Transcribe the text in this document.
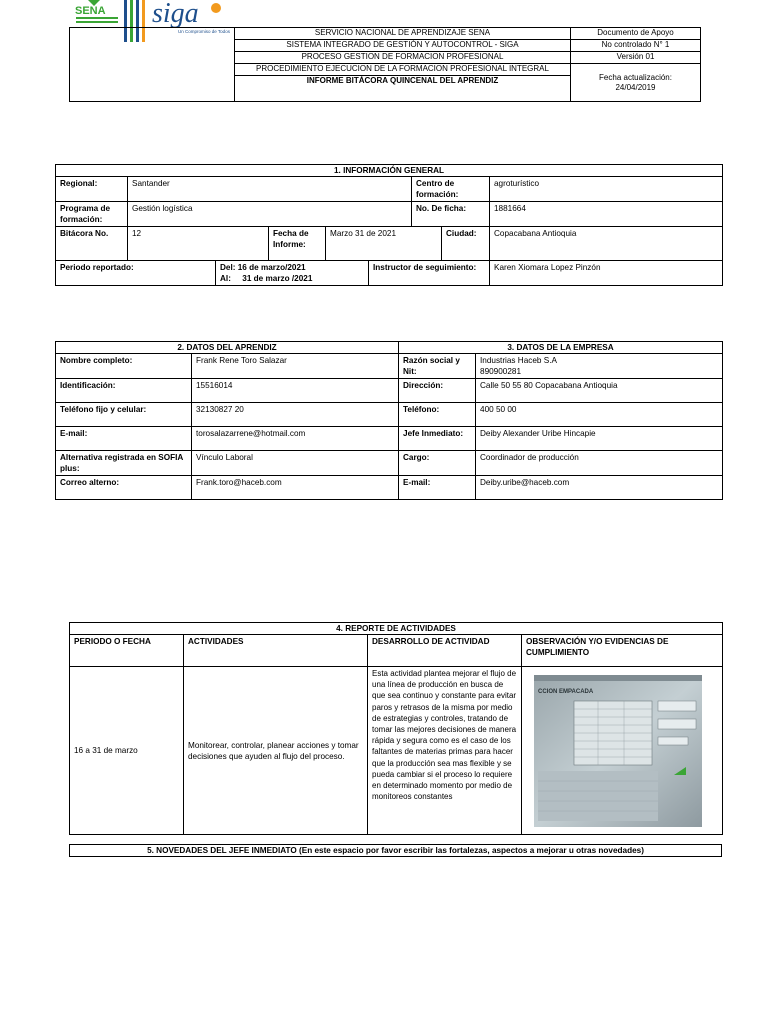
SENA siga
Un Compromiso de Todos
		SERVICIO NACIONAL DE APRENDIZAJE SENA	Documento de Apoyo
	SISTEMA INTEGRADO DE GESTIÓN Y AUTOCONTROL - SIGA	No controlado N° 1
	PROCESO GESTION DE FORMACION PROFESIONAL	Versión 01
	PROCEDIMIENTO EJECUCION DE LA FORMACION PROFESIONAL INTEGRAL	Fecha actualización:
24/04/2019

	INFORME BITÁCORA QUINCENAL DEL APRENDIZ	
1. INFORMACIÓN GENERAL								
Regional:	Santander					Centro de formación:		agroturístico
Programa de formación:	Gestión logística					No. De ficha:		1881664
Bitácora No.	12		Fecha de Informe:	Marzo 31 de 2021			Ciudad:	Copacabana Antioquia
Periodo reportado:		Del: 16 de marzo/2021
Al:     31 de marzo /2021			Instructor de seguimiento:			Karen Xiomara Lopez Pinzón
2. DATOS DEL APRENDIZ		3. DATOS DE LA EMPRESA	
Nombre completo:	Frank Rene Toro Salazar	Razón social y Nit:	Industrias Haceb S.A
890900281

Identificación:	15516014	Dirección:	Calle 50 55 80 Copacabana Antioquia
Teléfono fijo y celular:	32130827 20	Teléfono:	400 50 00
E-mail:	torosalazarrene@hotmail.com	Jefe Inmediato:	Deiby Alexander Uribe Hincapie
Alternativa registrada en SOFIA plus:	Vínculo Laboral	Cargo:	Coordinador de producción
Correo alterno:	Frank.toro@haceb.com	E-mail:	Deiby.uribe@haceb.com
4. REPORTE DE ACTIVIDADES			
PERIODO O FECHA	ACTIVIDADES	DESARROLLO DE ACTIVIDAD	OBSERVACIÓN Y/O EVIDENCIAS DE CUMPLIMIENTO
16 a 31 de marzo	Monitorear, controlar, planear acciones y tomar decisiones que ayuden al flujo del proceso.	Esta actividad plantea mejorar el flujo de una línea de producción en busca de que sea continuo y constante para evitar paros y retrasos de la misma por medio de estrategias y controles, tratando de tomar las mejores decisiones de manera rápida y segura como es el caso de los faltantes de materias primas para hacer que la producción sea mas flexible y se pueda cambiar si el proceso lo requiere en determinado momento por medio de monitoreos constantes	CCION EMPACADA
5. NOVEDADES DEL JEFE INMEDIATO (En este espacio por favor escribir las fortalezas, aspectos a mejorar u otras novedades)
